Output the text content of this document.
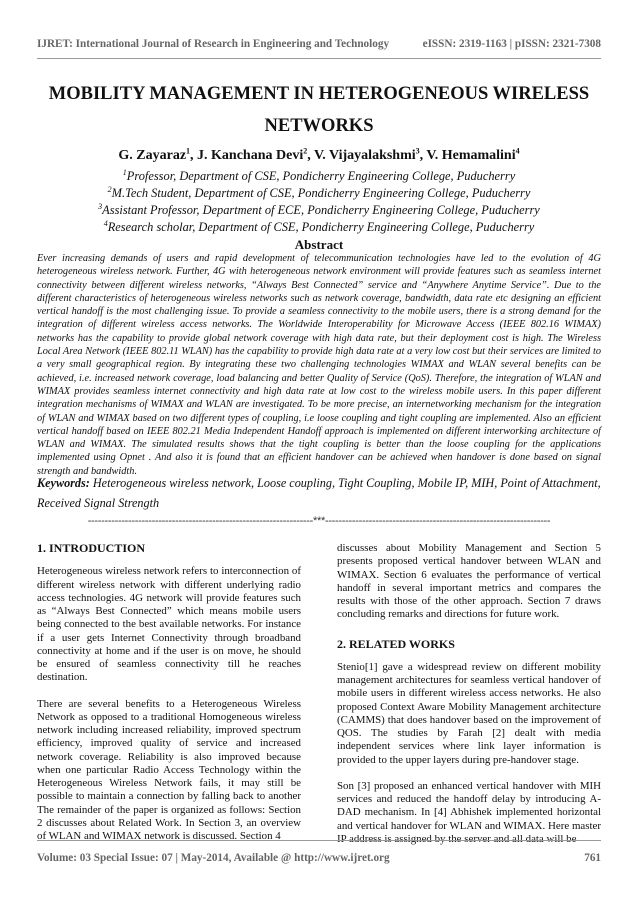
IJRET: International Journal of Research in Engineering and Technology	eISSN: 2319-1163 | pISSN: 2321-7308
MOBILITY MANAGEMENT IN HETEROGENEOUS WIRELESS NETWORKS
G. Zayaraz$^1$, J. Kanchana Devi$^2$, V. Vijayalakshmi$^3$, V. Hemamalini$^4$
$^1$Professor, Department of CSE, Pondicherry Engineering College, Puducherry
$^2$M.Tech Student, Department of CSE, Pondicherry Engineering College, Puducherry
$^3$Assistant Professor, Department of ECE, Pondicherry Engineering College, Puducherry
$^4$Research scholar, Department of CSE, Pondicherry Engineering College, Puducherry
Abstract
Ever increasing demands of users and rapid development of telecommunication technologies have led to the evolution of 4G heterogeneous wireless network. Further, 4G with heterogeneous network environment will provide features such as seamless internet connectivity between different wireless networks, “Always Best Connected” service and “Anywhere Anytime Service”. Due to the different characteristics of heterogeneous wireless networks such as network coverage, bandwidth, data rate etc designing an efficient vertical handoff is the most challenging issue. To provide a seamless connectivity to the mobile users, there is a strong demand for the integration of different wireless access networks. The Worldwide Interoperability for Microwave Access (IEEE 802.16 WIMAX) networks has the capability to provide global network coverage with high data rate, but their deployment cost is high. The Wireless Local Area Network (IEEE 802.11 WLAN) has the capability to provide high data rate at a very low cost but their services are limited to a very small geographical region. By integrating these two challenging technologies WIMAX and WLAN several benefits can be achieved, i.e. increased network coverage, load balancing and better Quality of Service (QoS). Therefore, the integration of WLAN and WIMAX provides seamless internet connectivity and high data rate at low cost to the wireless mobile users. In this paper different integration mechanisms of WIMAX and WLAN are investigated. To be more precise, an internetworking mechanism for the integration of WLAN and WIMAX based on two different types of coupling, i.e loose coupling and tight coupling are implemented. Also an efficient vertical handoff based on IEEE 802.21 Media Independent Handoff approach is implemented on different interworking architecture of WLAN and WIMAX. The simulated results shows that the tight coupling is better than the loose coupling for the applications implemented using Opnet . And also it is found that an efficient handover can be achieved when handover is done based on signal strength and bandwidth.
Keywords: Heterogeneous wireless network, Loose coupling, Tight Coupling, Mobile IP, MIH, Point of Attachment, Received Signal Strength
-------------------------------------------------------------------***-------------------------------------------------------------------
1. INTRODUCTION

Heterogeneous wireless network refers to interconnection of different wireless network with different underlying radio access technologies. 4G network will provide features such as “Always Best Connected” which means mobile users being connected to the best available networks. For instance if a user gets Internet Connectivity through broadband connectivity at home and if the user is on move, he should be ensured of seamless connectivity till he reaches destination.

There are several benefits to a Heterogeneous Wireless Network as opposed to a traditional Homogeneous wireless network including increased reliability, improved spectrum efficiency, improved quality of service and increased network coverage. Reliability is also improved because when one particular Radio Access Technology within the Heterogeneous Wireless Network fails, it may still be possible to maintain a connection by falling back to another The remainder of the paper is organized as follows: Section 2 discusses about Related Work. In Section 3, an overview of WLAN and WIMAX network is discussed. Section 4

discusses about Mobility Management and Section 5 presents proposed vertical handover between WLAN and WIMAX. Section 6 evaluates the performance of vertical handoff in several important metrics and compares the results with those of the other approach. Section 7 draws concluding remarks and directions for future work.

2. RELATED WORKS

Stenio[1] gave a widespread review on different mobility management architectures for seamless vertical handover of mobile users in different wireless access networks. He also proposed Context Aware Mobility Management architecture (CAMMS) that does handover based on the improvement of QOS. The studies by Farah [2] dealt with media independent services where link layer information is provided to the upper layers during pre-handover stage.

Son [3] proposed an enhanced vertical handover with MIH services and reduced the handoff delay by introducing A-DAD mechanism. In [4] Abhishek implemented horizontal and vertical handover for WLAN and WIMAX. Here master IP address is assigned by the server and all data will be

Volume: 03 Special Issue: 07 | May-2014, Available @ http://www.ijret.org	761
